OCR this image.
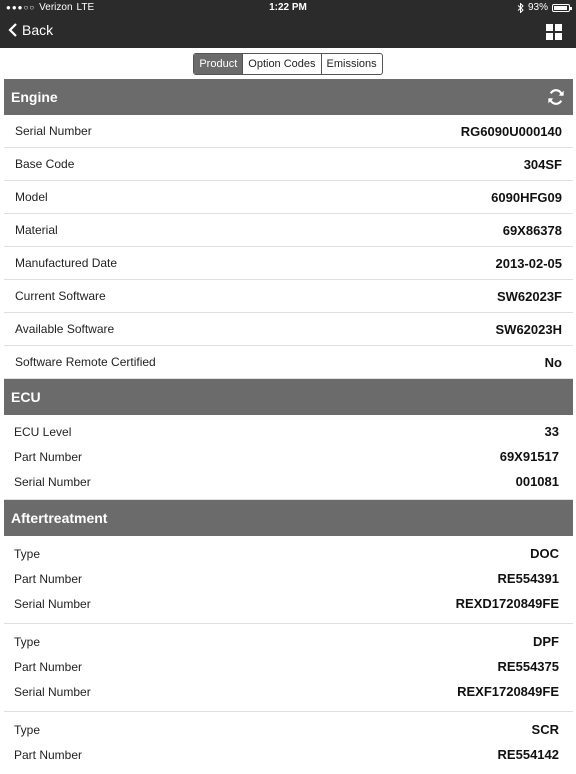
●●●○○ Verizon LTE	1:22 PM	93%
Back
Product	Option Codes	Emissions
Engine
Serial Number	RG6090U000140
Base Code	304SF
Model	6090HFG09
Material	69X86378
Manufactured Date	2013-02-05
Current Software	SW62023F
Available Software	SW62023H
Software Remote Certified	No
ECU
ECU Level	33
Part Number	69X91517
Serial Number	001081
Aftertreatment
Type	DOC
Part Number	RE554391
Serial Number	REXD1720849FE
Type	DPF
Part Number	RE554375
Serial Number	REXF1720849FE
Type	SCR
Part Number	RE554142
